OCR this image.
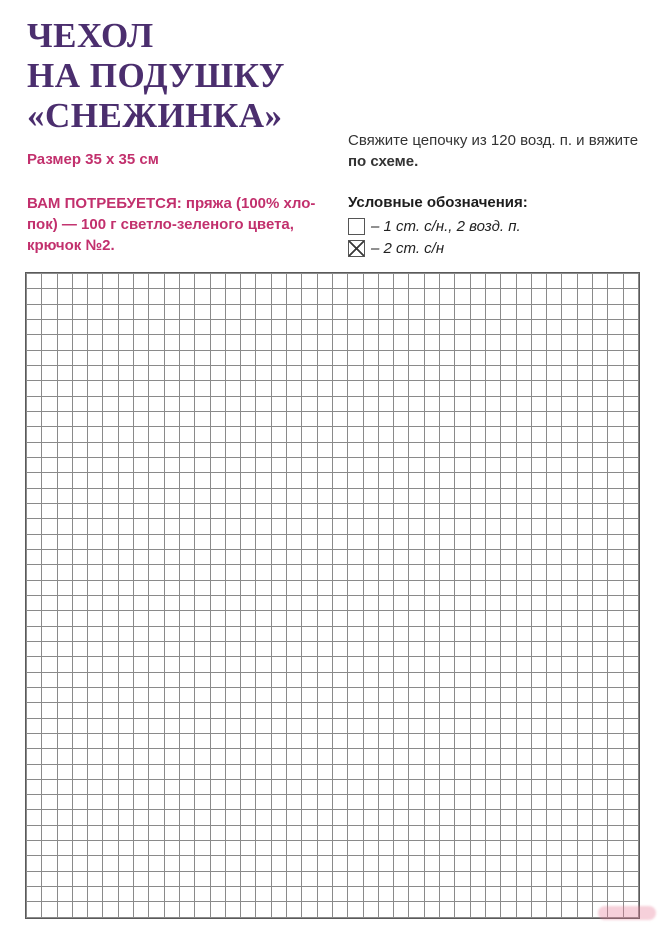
ЧЕХОЛ
НА ПОДУШКУ
«СНЕЖИНКА»
Размер 35 х 35 см
ВАМ ПОТРЕБУЕТСЯ: пряжа (100% хло-
пок) — 100 г светло-зеленого цвета,
крючок №2.
Свяжите цепочку из 120 возд. п. и вяжите
по схеме.
Условные обозначения:
– 1 ст. с/н., 2 возд. п.
– 2 ст. с/н
